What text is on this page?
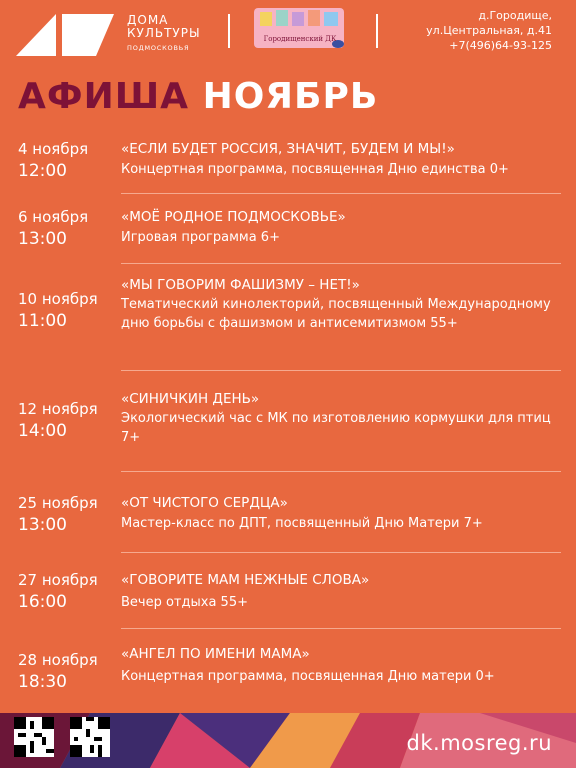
ДОМА
КУЛЬТУРЫ
ПОДМОСКОВЬЯ
Городищенский ДК
д.Городище,
ул.Центральная, д.41
+7(496)64-93-125
АФИША НОЯБРЬ
4 ноября
12:00
«ЕСЛИ БУДЕТ РОССИЯ, ЗНАЧИТ, БУДЕМ И МЫ!»
Концертная программа, посвященная Дню единства 0+
6 ноября
13:00
«МОЁ РОДНОЕ ПОДМОСКОВЬЕ»
Игровая программа 6+
10 ноября
11:00
«МЫ ГОВОРИМ ФАШИЗМУ – НЕТ!»
Тематический кинолекторий, посвященный Международному дню борьбы с фашизмом и антисемитизмом 55+
12 ноября
14:00
«СИНИЧКИН ДЕНЬ»
Экологический час с МК по изготовлению кормушки для птиц 7+
25 ноября
13:00
«ОТ ЧИСТОГО СЕРДЦА»
Мастер-класс по ДПТ, посвященный Дню Матери 7+
27 ноября
16:00
«ГОВОРИТЕ МАМ НЕЖНЫЕ СЛОВА»
Вечер отдыха 55+
28 ноября
18:30
«АНГЕЛ ПО ИМЕНИ МАМА»
Концертная программа, посвященная Дню матери 0+
dk.mosreg.ru
